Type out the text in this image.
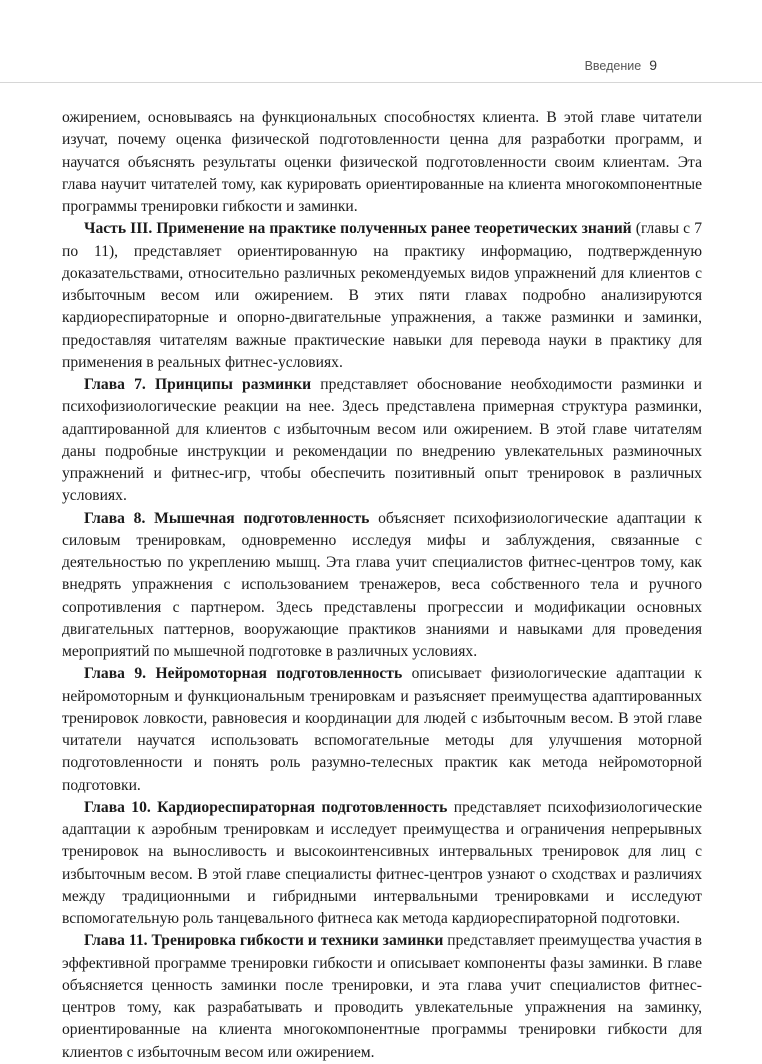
Введение 9

ожирением, основываясь на функциональных способностях клиента. В этой главе читатели изучат, почему оценка физической подготовленности ценна для разработки программ, и научатся объяснять результаты оценки физической подготовленности своим клиентам. Эта глава научит читателей тому, как курировать ориентированные на клиента многокомпонентные программы тренировки гибкости и заминки.

Часть III. Применение на практике полученных ранее теоретических знаний (главы с 7 по 11), представляет ориентированную на практику информацию, подтвержденную доказательствами, относительно различных рекомендуемых видов упражнений для клиентов с избыточным весом или ожирением. В этих пяти главах подробно анализируются кардиореспираторные и опорно-двигательные упражнения, а также разминки и заминки, предоставляя читателям важные практические навыки для перевода науки в практику для применения в реальных фитнес-условиях.

Глава 7. Принципы разминки представляет обоснование необходимости разминки и психофизиологические реакции на нее. Здесь представлена примерная структура разминки, адаптированной для клиентов с избыточным весом или ожирением. В этой главе читателям даны подробные инструкции и рекомендации по внедрению увлекательных разминочных упражнений и фитнес-игр, чтобы обеспечить позитивный опыт тренировок в различных условиях.

Глава 8. Мышечная подготовленность объясняет психофизиологические адаптации к силовым тренировкам, одновременно исследуя мифы и заблуждения, связанные с деятельностью по укреплению мышц. Эта глава учит специалистов фитнес-центров тому, как внедрять упражнения с использованием тренажеров, веса собственного тела и ручного сопротивления с партнером. Здесь представлены прогрессии и модификации основных двигательных паттернов, вооружающие практиков знаниями и навыками для проведения мероприятий по мышечной подготовке в различных условиях.

Глава 9. Нейромоторная подготовленность описывает физиологические адаптации к нейромоторным и функциональным тренировкам и разъясняет преимущества адаптированных тренировок ловкости, равновесия и координации для людей с избыточным весом. В этой главе читатели научатся использовать вспомогательные методы для улучшения моторной подготовленности и понять роль разумно-телесных практик как метода нейромоторной подготовки.

Глава 10. Кардиореспираторная подготовленность представляет психофизиологические адаптации к аэробным тренировкам и исследует преимущества и ограничения непрерывных тренировок на выносливость и высокоинтенсивных интервальных тренировок для лиц с избыточным весом. В этой главе специалисты фитнес-центров узнают о сходствах и различиях между традиционными и гибридными интервальными тренировками и исследуют вспомогательную роль танцевального фитнеса как метода кардиореспираторной подготовки.

Глава 11. Тренировка гибкости и техники заминки представляет преимущества участия в эффективной программе тренировки гибкости и описывает компоненты фазы заминки. В главе объясняется ценность заминки после тренировки, и эта глава учит специалистов фитнес-центров тому, как разрабатывать и проводить увлекательные упражнения на заминку, ориентированные на клиента многокомпонентные программы тренировки гибкости для клиентов с избыточным весом или ожирением.
